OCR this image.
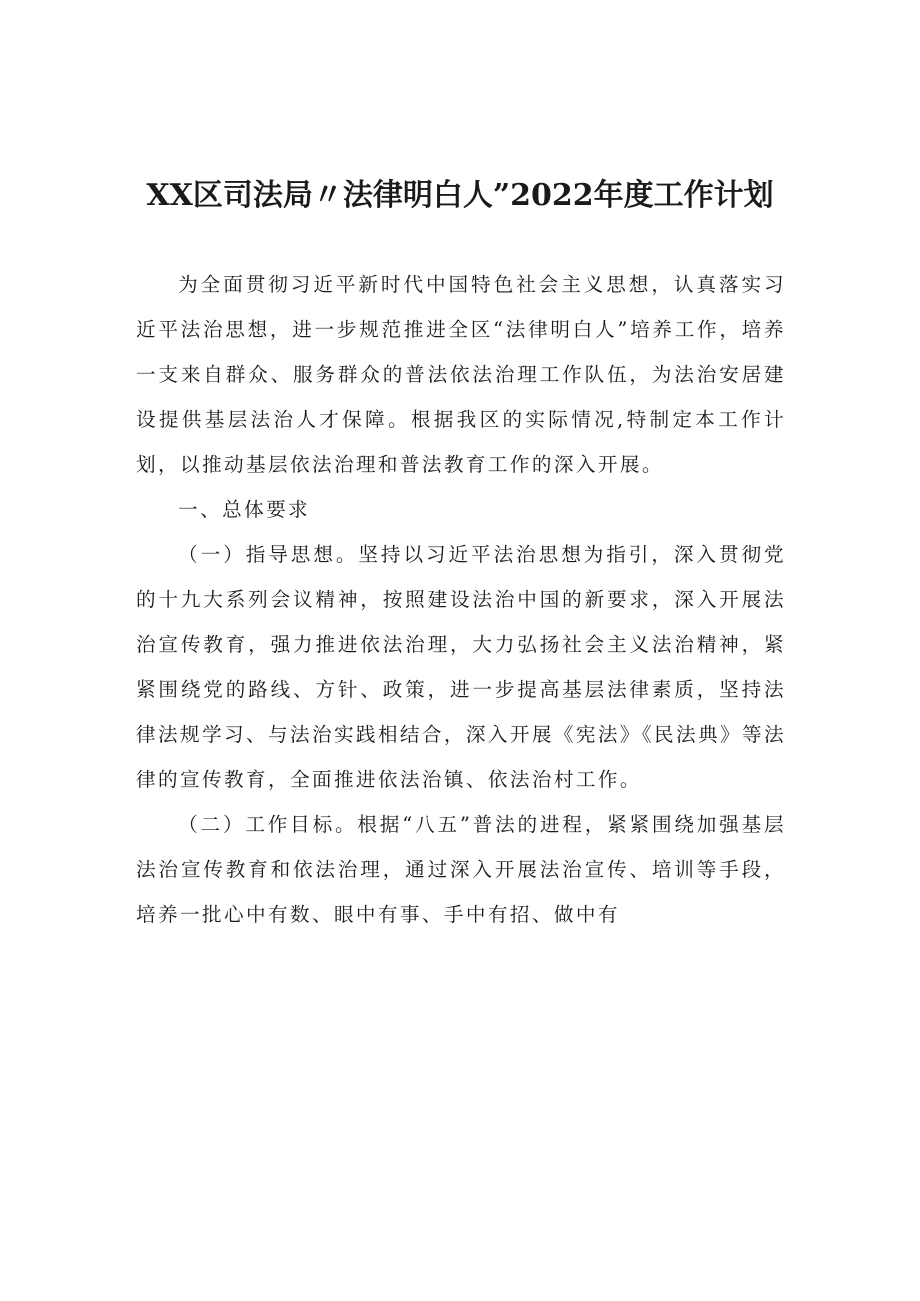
XX区司法局〃法律明白人”2022年度工作计划

为全面贯彻习近平新时代中国特色社会主义思想，认真落实习近平法治思想，进一步规范推进全区“法律明白人”培养工作，培养一支来自群众、服务群众的普法依法治理工作队伍，为法治安居建设提供基层法治人才保障。根据我区的实际情况,特制定本工作计划，以推动基层依法治理和普法教育工作的深入开展。

一、总体要求

（一）指导思想。坚持以习近平法治思想为指引，深入贯彻党的十九大系列会议精神，按照建设法治中国的新要求，深入开展法治宣传教育，强力推进依法治理，大力弘扬社会主义法治精神，紧紧围绕党的路线、方针、政策，进一步提高基层法律素质，坚持法律法规学习、与法治实践相结合，深入开展《宪法》《民法典》等法律的宣传教育，全面推进依法治镇、依法治村工作。

（二）工作目标。根据“八五”普法的进程，紧紧围绕加强基层法治宣传教育和依法治理，通过深入开展法治宣传、培训等手段，培养一批心中有数、眼中有事、手中有招、做中有
